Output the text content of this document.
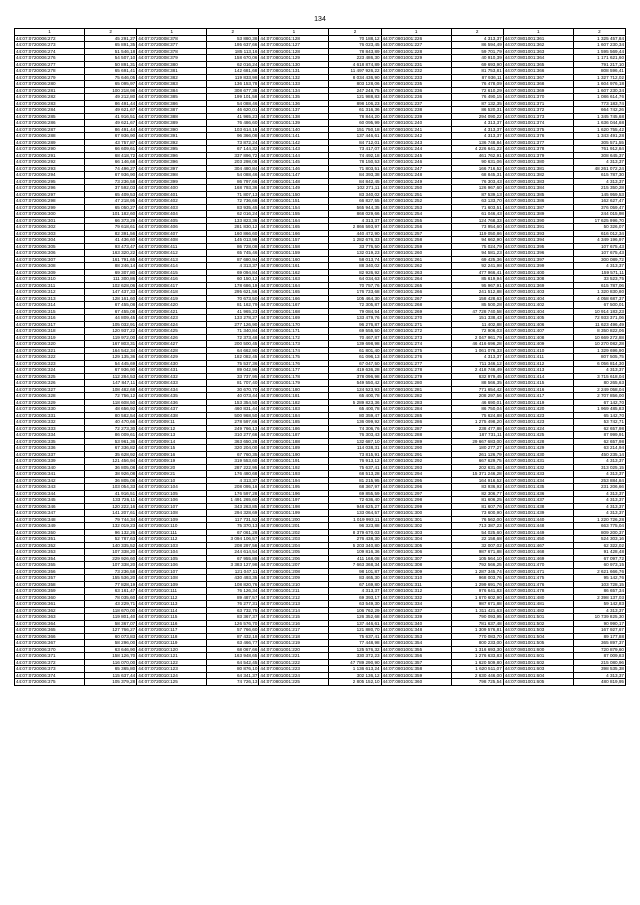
134
1	2	1	2	1	2	1	2	1	2
44:07:0720006:272	45 291,27	44:07:0720008:378	53 880,38	44:07:0801001:128	70 188,12	44:07:0801001:226	4 313,37	44:07:0801001:361	1 325 457,84
44:07:0720006:273	65 891,35	44:07:0720008:377	195 637,66	44:07:0801001:127	76 023,45	44:07:0801001:227	86 594,49	44:07:0801001:362	1 607 230,34
44:07:0720006:274	51 546,18	44:07:0720008:378	185 113,16	44:07:0801001:128	78 843,89	44:07:0801001:228	59 701,79	44:07:0801001:363	1 595 569,44
44:07:0720006:276	54 507,10	44:07:0720008:379	158 670,06	44:07:0801001:129	223 486,30	44:07:0801001:229	40 910,39	44:07:0801001:364	1 171 621,60
44:07:0720006:277	50 891,31	44:07:0720008:380	62 016,24	44:07:0801001:130	4 618 874,89	44:07:0801001:231	69 693,90	44:07:0801001:365	791 217,10
44:07:0720006:278	65 691,41	44:07:0720008:381	142 681,68	44:07:0801001:131	11 497 926,22	44:07:0801001:232	81 753,81	44:07:0801001:366	808 596,41
44:07:0720006:279	75 646,05	44:07:0720008:382	119 833,98	44:07:0801001:132	8 034 436,90	44:07:0801001:233	87 936,11	44:07:0801001:367	1 327 712,02
44:07:0720006:280	65 095,97	44:07:0720008:383	136 153,78	44:07:0801001:133	803 128,06	44:07:0801001:235	76 478,09	44:07:0801001:368	1 604 976,18
44:07:0720006:281	100 218,98	44:07:0720008:384	308 677,38	44:07:0801001:134	247 248,75	44:07:0801001:236	72 610,29	44:07:0801001:369	1 607 230,34
44:07:0720006:282	49 212,80	44:07:0720008:385	199 101,58	44:07:0801001:135	121 988,83	44:07:0801001:236	76 490,15	44:07:0801001:370	1 086 614,76
44:07:0720006:283	86 491,44	44:07:0720008:386	54 088,46	44:07:0801001:136	898 106,23	44:07:0801001:237	87 132,35	44:07:0801001:371	773 183,74
44:07:0720006:284	49 621,67	44:07:0720008:387	46 620,01	44:07:0801001:137	61 316,36	44:07:0801001:238	86 520,31	44:07:0801001:372	664 742,26
44:07:0720006:285	41 916,51	44:07:0720008:388	41 965,23	44:07:0801001:138	78 844,20	44:07:0801001:239	294 090,22	44:07:0801001:373	1 345 745,68
44:07:0720006:286	49 621,67	44:07:0720008:389	76 486,60	44:07:0801001:139	60 095,99	44:07:0801001:240	4 313,37	44:07:0801001:374	1 636 044,68
44:07:0720006:287	86 491,44	44:07:0720008:390	103 614,16	44:07:0801001:140	151 750,18	44:07:0801001:241	4 313,37	44:07:0801001:375	1 620 755,42
44:07:0720006:288	67 936,90	44:07:0720008:391	96 366,08	44:07:0801001:141	137 446,61	44:07:0801001:242	4 313,37	44:07:0801001:376	1 343 491,28
44:07:0720006:289	43 757,87	44:07:0720008:392	73 872,24	44:07:0801001:142	84 712,01	44:07:0801001:243	136 748,84	44:07:0801001:377	305 571,55
44:07:0720006:290	66 609,61	44:07:0720008:395	67 144,32	44:07:0801001:143	73 417,07	44:07:0801001:244	4 226 641,22	44:07:0801001:378	761 912,84
44:07:0720006:291	68 418,72	44:07:0720008:396	337 896,72	44:07:0801001:144	74 492,18	44:07:0801001:245	461 762,91	44:07:0801001:379	308 645,37
44:07:0720006:292	66 146,68	44:07:0720008:396	203 298,08	44:07:0801001:145	78 150,53	44:07:0801001:246	90 631,06	44:07:0801001:380	4 313,37
44:07:0720006:293	74 496,27	44:07:0720008:397	304 480,84	44:07:0801001:146	71 803,51	44:07:0801001:247	166 716,52	44:07:0801001:381	48 261 072,24
44:07:0720006:294	67 936,90	44:07:0720008:398	54 088,46	44:07:0801001:147	84 393,38	44:07:0801001:248	68 845,31	44:07:0801001:382	615 787,30
44:07:0720006:295	73 236,58	44:07:0720008:399	86 797,66	44:07:0801001:148	84 842,45	44:07:0801001:249	76 303,43	44:07:0801001:383	4 313,37
44:07:0720006:296	37 592,03	44:07:0720008:400	168 793,36	44:07:0801001:149	102 271,11	44:07:0801001:250	126 967,60	44:07:0801001:384	215 350,28
44:07:0720006:297	65 409,53	44:07:0720008:401	71 807,13	44:07:0801001:150	83 340,02	44:07:0801001:251	87 539,13	44:07:0801001:385	145 959,53
44:07:0720006:298	47 218,95	44:07:0720008:402	72 736,68	44:07:0801001:151	66 827,55	44:07:0801001:252	63 133,70	44:07:0801001:386	162 627,47
44:07:0720006:299	65 050,27	44:07:0720008:403	83 935,45	44:07:0801001:154	565 944,35	44:07:0801001:253	71 603,51	44:07:0801001:387	376 059,47
44:07:0720006:300	101 182,60	44:07:0720008:404	62 016,24	44:07:0801001:155	868 029,66	44:07:0801001:254	61 046,43	44:07:0801001:389	244 015,98
44:07:0720006:301	66 373,29	44:07:0720008:405	133 823,36	44:07:0801001:164	4 313,37	44:07:0801001:255	124 768,33	44:07:0801001:390	17 625 996,70
44:07:0720006:302	79 618,61	44:07:0720008:406	281 830,12	44:07:0801001:165	2 866 593,97	44:07:0801001:256	73 954,60	44:07:0801001:391	50 326,07
44:07:0720006:303	82 391,56	44:07:0720008:407	160 866,60	44:07:0801001:166	440 472,90	44:07:0801001:257	119 050,86	44:07:0801001:393	616 012,34
44:07:0720006:304	41 436,60	44:07:0720008:408	145 013,98	44:07:0801001:157	1 282 676,33	44:07:0801001:258	94 662,90	44:07:0801001:394	4 349 196,97
44:07:0720006:305	93 473,47	44:07:0720008:411	86 728,08	44:07:0801001:158	33 776,50	44:07:0801001:259	75 024,79	44:07:0801001:395	107 675,43
44:07:0720006:306	163 320,22	44:07:0720008:412	65 745,46	44:07:0801001:159	132 019,23	44:07:0801001:260	94 581,23	44:07:0801001:396	107 675,43
44:07:0720006:307	161 791,65	44:07:0720008:413	87 680,94	44:07:0801001:160	58 013,74	44:07:0801001:261	69 425,36	44:07:0801001:397	300 089,72
44:07:0720006:308	88 246,14	44:07:0720008:414	4 313,37	44:07:0801001:161	88 340,02	44:07:0801001:262	92 241,98	44:07:0801001:399	4 313,37
44:07:0720006:309	69 307,80	44:07:0720008:415	69 094,84	44:07:0801001:162	82 926,92	44:07:0801001:263	477 966,41	44:07:0801001:400	159 571,11
44:07:0720006:310	111 300,86	44:07:0720008:416	60 150,12	44:07:0801001:163	64 034,63	44:07:0801001:264	85 619,94	44:07:0801001:308	33 523,75
44:07:0720006:311	102 628,06	44:07:0720008:417	178 686,19	44:07:0801001:164	70 757,76	44:07:0801001:265	95 967,91	44:07:0801001:369	615 787,06
44:07:0720006:312	147 437,33	44:07:0720008:418	295 621,56	44:07:0801001:165	176 733,68	44:07:0801001:266	241 512,88	44:07:0801001:403	1 320 830,80
44:07:0720006:313	128 161,60	44:07:0720008:419	70 673,50	44:07:0801001:166	105 464,30	44:07:0801001:267	158 428,63	44:07:0801001:404	4 058 687,37
44:07:0720006:314	67 455,08	44:07:0720008:420	81 162,79	44:07:0801001:167	72 305,87	44:07:0801001:268	85 500,28	44:07:0801001:402	67 500,01
44:07:0720006:315	67 455,08	44:07:0720008:421	41 965,23	44:07:0801001:168	79 084,54	44:07:0801001:269	47 728 740,58	44:07:0801001:404	10 914 183,23
44:07:0720006:316	44 809,45	44:07:0720008:423	133 278,27	44:07:0801001:169	133 479,76	44:07:0801001:270	151 338,43	44:07:0801001:405	72 933 371,06
44:07:0720006:317	105 032,91	44:07:0720008:424	277 126,90	44:07:0801001:170	96 276,87	44:07:0801001:271	11 402,88	44:07:0801001:406	11 623 496,49
44:07:0720006:318	120 937,22	44:07:0720008:425	71 340,84	44:07:0801001:171	69 555,50	44:07:0801001:272	72 906,03	44:07:0801001:407	8 350 822,06
44:07:0720006:319	119 972,00	44:07:0720008:426	72 373,48	44:07:0801001:172	70 467,87	44:07:0801001:273	2 047 961,79	44:07:0801001:408	10 669 272,88
44:07:0720006:320	167 803,31	44:07:0720008:427	200 500,45	44:07:0801001:173	139 698,98	44:07:0801001:274	46 416 696,28	44:07:0801001:409	10 270 082,28
44:07:0720006:321	164 542,34	44:07:0720008:428	64 662,90	44:07:0801001:174	61 801,40	44:07:0801001:275	1 061 076,33	44:07:0801001:410	1 329 696,90
44:07:0720006:322	129 135,36	44:07:0720008:429	182 082,45	44:07:0801001:175	61 096,13	44:07:0801001:276	4 313,37	44:07:0801001:411	807 505,75
44:07:0720006:323	54 445,69	44:07:0720008:430	75 537,36	44:07:0801001:176	67 047,50	44:07:0801001:277	711 346,12	44:07:0801001:412	6 056 814,30
44:07:0720006:324	67 936,90	44:07:0720008:431	89 042,96	44:07:0801001:177	419 636,28	44:07:0801001:278	2 418 746,49	44:07:0801001:413	4 313,37
44:07:0720006:325	112 284,53	44:07:0720008:432	33 737,95	44:07:0801001:178	378 096,98	44:07:0801001:279	632 979,45	44:07:0801001:414	3 715 618,04
44:07:0720006:326	147 847,11	44:07:0720008:433	81 707,40	44:07:0801001:179	549 550,42	44:07:0801001:280	88 566,35	44:07:0801001:415	80 265,63
44:07:0720006:327	108 482,68	44:07:0720008:434	30 670,70	44:07:0801001:180	124 523,93	44:07:0801001:281	771 654,42	44:07:0801001:416	2 249 058,04
44:07:0720006:328	72 756,12	44:07:0720008:435	40 073,44	44:07:0801001:181	65 400,78	44:07:0801001:282	208 297,56	44:07:0801001:417	2 707 856,00
44:07:0720006:329	118 608,50	44:07:0720008:436	153 354,50	44:07:0801001:182	5 289 823,36	44:07:0801001:283	46 690,01	44:07:0801001:419	67 142,70
44:07:0720006:330	48 656,92	44:07:0720008:437	460 831,44	44:07:0801001:183	65 400,78	44:07:0801001:284	86 750,04	44:07:0801001:420	1 969 485,83
44:07:0720006:331	80 582,54	44:07:0720008:438	500 968,50	44:07:0801001:184	80 359,47	44:07:0801001:285	75 624,88	44:07:0801001:423	65 142,70
44:07:0720006:332	40 470,66	44:07:0720009:11	278 597,66	44:07:0801001:185	136 099,92	44:07:0801001:286	1 275 498,20	44:07:0801001:423	53 742,71
44:07:0720006:333	72 273,30	44:07:0720009:12	249 766,13	44:07:0801001:186	74 306,76	44:07:0801001:287	238 477,88	44:07:0801001:424	62 657,98
44:07:0720006:334	86 009,61	44:07:0720009:13	310 277,66	44:07:0801001:187	76 303,43	44:07:0801001:288	187 731,11	44:07:0801001:425	87 999,91
44:07:0720006:335	53 961,36	44:07:0720009:14	363 650,28	44:07:0801001:188	132 687,10	44:07:0801001:289	29 667 683,00	44:07:0801001:428	62 657,98
44:07:0720006:336	67 336,82	44:07:0720009:15	320 204,00	44:07:0801001:189	114 038,31	44:07:0801001:290	180 277,27	44:07:0801001:429	63 214,94
44:07:0720006:337	35 628,92	44:07:0720009:16	67 760,35	44:07:0801001:190	73 815,91	44:07:0801001:291	261 126,79	44:07:0801001:430	450 235,14
44:07:0720006:339	121 456,94	44:07:0720009:19	319 553,60	44:07:0801001:191	76 913,12	44:07:0801001:292	667 629,75	44:07:0801001:431	4 313,37
44:07:0720006:340	36 805,08	44:07:0720009:20	287 222,95	44:07:0801001:192	75 637,41	44:07:0801001:293	202 631,08	44:07:0801001:432	313 025,15
44:07:0720006:341	38 926,08	44:07:0720009:21	176 480,68	44:07:0801001:193	68 513,28	44:07:0801001:294	15 371 246,28	44:07:0801001:433	4 313,37
44:07:0720006:342	36 805,08	44:07:0720010:10	4 313,37	44:07:0801001:194	81 215,95	44:07:0801001:295	164 916,52	44:07:0801001:434	253 884,84
44:07:0720006:343	103 054,33	44:07:0720010:104	208 095,16	44:07:0801001:195	68 367,97	44:07:0801001:296	83 936,92	44:07:0801001:435	231 206,66
44:07:0720006:344	41 916,51	44:07:0720010:105	176 597,28	44:07:0801001:196	69 855,59	44:07:0801001:297	82 306,77	44:07:0801001:436	4 313,37
44:07:0720006:345	133 726,11	44:07:0720010:106	1 491 265,60	44:07:0801001:197	72 636,40	44:07:0801001:298	81 606,25	44:07:0801001:437	4 313,37
44:07:0720006:346	120 222,16	44:07:0720010:107	343 263,85	44:07:0801001:198	948 625,27	44:07:0801001:299	81 607,76	44:07:0801001:438	4 313,37
44:07:0720006:347	141 207,61	44:07:0720010:108	294 328,69	44:07:0801001:199	133 064,57	44:07:0801001:300	73 600,90	44:07:0801001:439	4 313,37
44:07:0720006:348	79 744,34	44:07:0720010:109	117 731,52	44:07:0801001:200	1 019 993,11	44:07:0801001:301	76 562,00	44:07:0801001:440	1 220 726,28
44:07:0720006:349	132 019,23	44:07:0720010:110	75 370,13	44:07:0801001:201	96 323,88	44:07:0801001:302	713 387,23	44:07:0801001:448	663 775,04
44:07:0720006:350	96 132,26	44:07:0720010:111	67 061,28	44:07:0801001:202	8 379 670,03	44:07:0801001:303	54 025,60	44:07:0801001:449	809 200,37
44:07:0720006:351	52 787,63	44:07:0720010:112	3 094 106,57	44:07:0801001:203	276 438,30	44:07:0801001:304	22 158,68	44:07:0801001:450	524 303,16
44:07:0720006:352	140 335,52	44:07:0720010:103	208 297,56	44:07:0801001:204	5 203 340,80	44:07:0801001:305	32 007,02	44:07:0801001:467	62 322,02
44:07:0720006:353	107 338,20	44:07:0720010:104	244 614,54	44:07:0801001:205	109 816,36	44:07:0801001:306	987 671,88	44:07:0801001:468	91 428,48
44:07:0720006:354	229 926,60	44:07:0720010:105	67 955,88	44:07:0801001:206	411 168,08	44:07:0801001:307	105 564,10	44:07:0801001:469	67 097,72
44:07:0720006:355	107 338,20	44:07:0720010:106	3 383 127,98	44:07:0801001:207	7 663 368,34	44:07:0801001:308	792 566,25	44:07:0801001:470	60 973,15
44:07:0720006:356	73 236,58	44:07:0720010:107	121 047,11	44:07:0801001:208	98 101,87	44:07:0801001:309	1 287 345,74	44:07:0801001:471	2 621 666,76
44:07:0720006:357	155 536,20	44:07:0720010:108	430 493,35	44:07:0801001:209	83 465,30	44:07:0801001:310	968 003,76	44:07:0801001:475	95 142,76
44:07:0720006:358	77 828,19	44:07:0720010:109	108 820,76	44:07:0801001:210	67 169,80	44:07:0801001:311	1 299 691,76	44:07:0801001:476	103 728,15
44:07:0720006:359	63 161,47	44:07:0720010:111	76 126,34	44:07:0801001:211	4 313,37	44:07:0801001:312	976 641,83	44:07:0801001:478	86 657,34
44:07:0720006:360	78 035,60	44:07:0720010:112	89 487,57	44:07:0801001:212	69 393,17	44:07:0801001:332	1 670 602,90	44:07:0801001:480	2 398 137,03
44:07:0720006:361	43 229,71	44:07:0720010:113	76 277,31	44:07:0801001:213	63 549,30	44:07:0801001:334	987 671,88	44:07:0801001:481	59 142,83
44:07:0720006:362	118 670,00	44:07:0720010:114	63 732,75	44:07:0801001:214	106 762,29	44:07:0801001:337	1 311 421,63	44:07:0801001:482	4 313,37
44:07:0720006:363	119 801,40	44:07:0720010:115	83 367,37	44:07:0801001:215	126 352,68	44:07:0801001:339	790 093,95	44:07:0801001:501	10 739 825,30
44:07:0720006:364	58 367,07	44:07:0720010:116	126 576,70	44:07:0801001:216	137 446,61	44:07:0801001:340	781 637,48	44:07:0801001:502	90 990,17
44:07:0720006:365	127 766,27	44:07:0720010:117	57 766,60	44:07:0801001:217	121 880,70	44:07:0801001:348	1 309 576,81	44:07:0801001:503	167 927,67
44:07:0720006:366	60 073,83	44:07:0720010:118	87 432,18	44:07:0801001:218	75 637,41	44:07:0801001:353	770 083,70	44:07:0801001:504	89 177,88
44:07:0720006:367	58 296,00	44:07:0720010:119	63 466,77	44:07:0801001:219	77 448,98	44:07:0801001:354	800 233,00	44:07:0801001:505	365 897,37
44:07:0720006:370	63 646,90	44:07:0720010:120	68 067,66	44:07:0801001:220	125 576,32	44:07:0801001:355	1 316 693,30	44:07:0801001:600	720 879,60
44:07:0720006:371	158 126,70	44:07:0720010:121	163 948,65	44:07:0801001:221	330 372,23	44:07:0801001:356	1 276 633,83	44:07:0801001:601	87 009,83
44:07:0720006:372	116 070,00	44:07:0720010:122	64 542,45	44:07:0801001:222	47 789 290,90	44:07:0801001:357	1 620 509,80	44:07:0801001:602	215 080,96
44:07:0720006:373	65 365,80	44:07:0720010:123	80 876,10	44:07:0801001:223	1 136 613,24	44:07:0801001:358	1 620 511,07	44:07:0801001:603	398 535,38
44:07:0720006:374	115 637,44	44:07:0720010:124	64 341,37	44:07:0801001:224	302 136,12	44:07:0801001:359	2 630 446,00	44:07:0801001:604	4 313,37
44:07:0720006:375	105 379,28	44:07:0720010:125	74 726,13	44:07:0801001:225	2 805 152,10	44:07:0801001:360	798 725,54	44:07:0801001:605	480 819,95
